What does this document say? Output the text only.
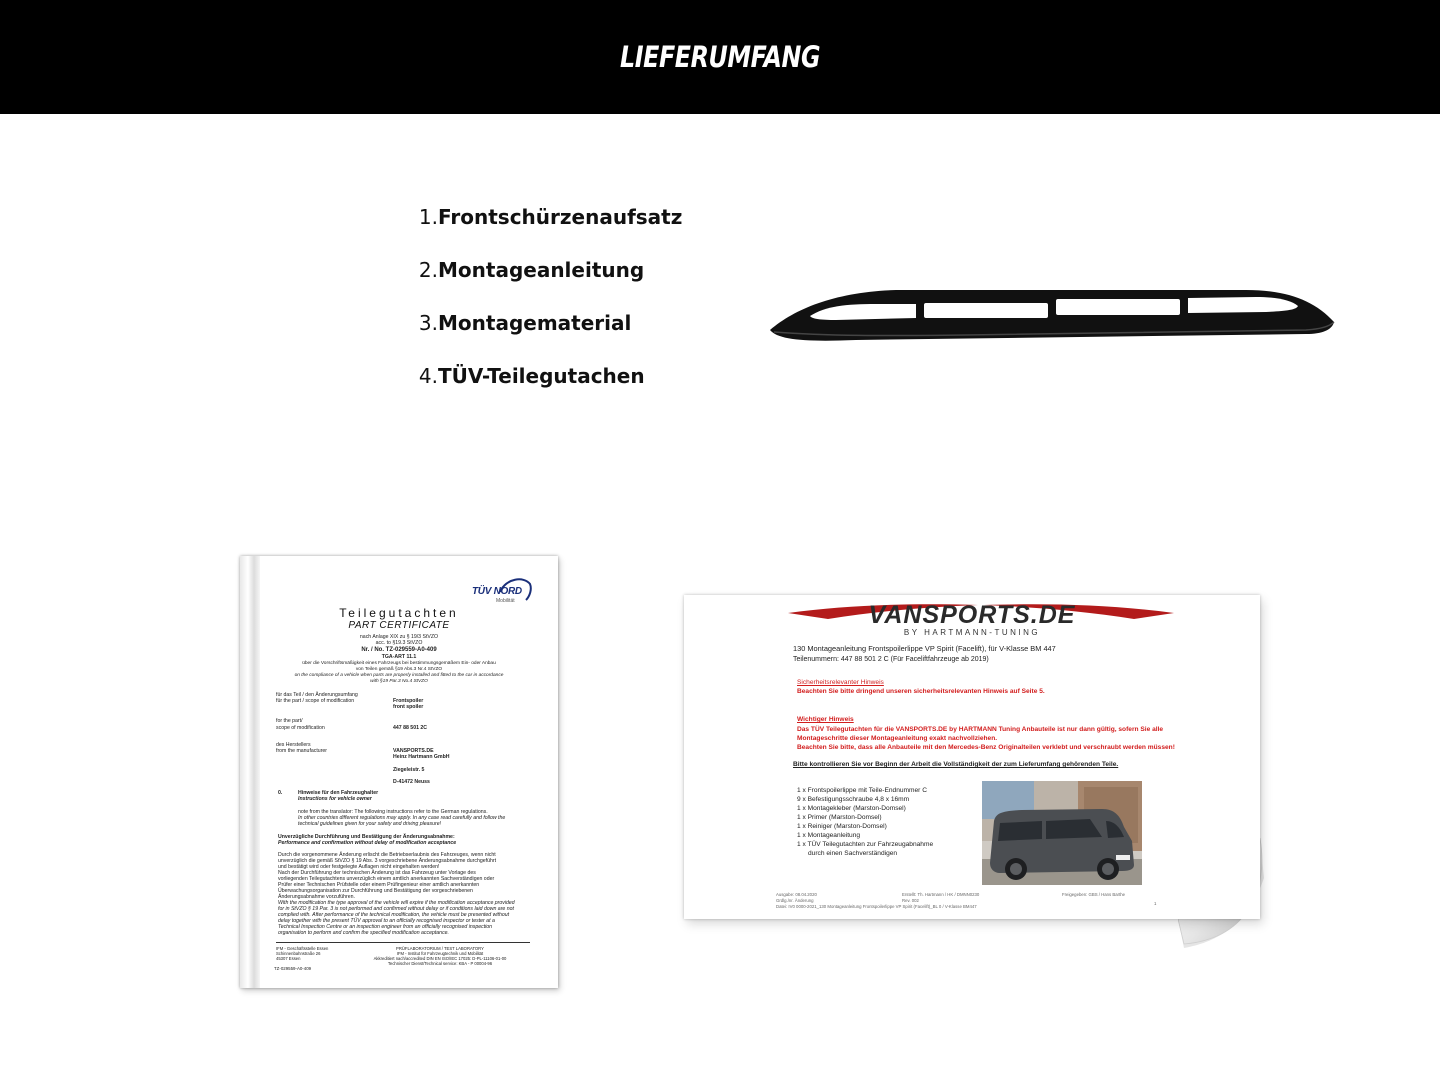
LIEFERUMFANG
1.Frontschürzenaufsatz
2.Montageanleitung
3.Montagematerial
4.TÜV-Teilegutachen
TÜV NORD
Mobilität
Teilegutachten
PART CERTIFICATE
nach Anlage XIX zu § 19/3 StVZO
acc. to §19.3 StVZO
Nr. / No. TZ-029559-A0-409
TGA-ART 11.1
über die Vorschriftsmäßigkeit eines Fahrzeugs bei bestimmungsgemäßem Ein- oder Anbau
von Teilen gemäß §19 Abs.3 Nr.4 StVZO
on the compliance of a vehicle when parts are properly installed and fitted to the car in accordance
with §19 Par.3 No.4 StVZO
für das Teil / den Änderungsumfang
für the part / scope of modification	Frontspoiler
front spoiler
for the part/
scope of modification	447 88 501 2C
des Herstellers
from the manufacturer	VANSPORTS.DE
Heinz Hartmann GmbH
Ziegeleistr. 5
D-41472 Neuss
0.	Hinweise für den Fahrzeughalter
Instructions for vehicle owner
note from the translator: The following instructions refer to the German regulations.
In other countries different regulations may apply. In any case read carefully and follow the
technical guidelines given for your safety and driving pleasure!
Unverzügliche Durchführung und Bestätigung der Änderungsabnahme:
Performance and confirmation without delay of modification acceptance
Durch die vorgenommene Änderung erlischt die Betriebserlaubnis des Fahrzeuges, wenn nicht
unverzüglich die gemäß StVZO § 19 Abs. 3 vorgeschriebene Änderungsabnahme durchgeführt
und bestätigt wird oder festgelegte Auflagen nicht eingehalten werden!
Nach der Durchführung der technischen Änderung ist das Fahrzeug unter Vorlage des
vorliegenden Teilegutachtens unverzüglich einem amtlich anerkannten Sachverständigen oder
Prüfer einer Technischen Prüfstelle oder einem Prüfingenieur einer amtlich anerkannten
Überwachungsorganisation zur Durchführung und Bestätigung der vorgeschriebenen
Änderungsabnahme vorzuführen.
With the modification the type approval of the vehicle will expire if the modification acceptance provided
for in StVZO § 19 Par. 3 is not performed and confirmed without delay or if conditions laid down are not
complied with. After performance of the technical modification, the vehicle must be presented without
delay together with the present TÜV approval to an officially recognised inspector or tester at a
Technical Inspection Centre or an inspection engineer from an officially recognised inspection
organisation to perform and confirm the specified modification acceptance.
IFM - Geschäftsstelle Essen
Schinnenbahnstraße 26
45307 Essen
PRÜFLABORATORIUM / TEST LABORATORY
IFM - Institut für Fahrzeugtechnik und Mobilität
Akkreditiert nach/accredited DIN EN ISO/IEC 17025: D-PL-11106-01-00
Technischer Dienst/Technical service: KBA - P 00004-96
TZ-029559-A0-409
VANSPORTS.DE
BY HARTMANN-TUNING
130 Montageanleitung Frontspoilerlippe VP Spirit (Facelift), für V-Klasse BM 447
Teilenummern: 447 88 501 2 C (Für Faceliftfahrzeuge ab 2019)
Sicherheitsrelevanter Hinweis
Beachten Sie bitte dringend unseren sicherheitsrelevanten Hinweis auf Seite 5.
Wichtiger Hinweis
Das TÜV Teilegutachten für die VANSPORTS.DE by HARTMANN Tuning Anbauteile ist nur dann gültig, sofern Sie alle
Montageschritte dieser Montageanleitung exakt nachvollziehen.
Beachten Sie bitte, dass alle Anbauteile mit den Mercedes-Benz Originalteilen verklebt und verschraubt werden müssen!
Bitte kontrollieren Sie vor Beginn der Arbeit die Vollständigkeit der zum Lieferumfang gehörenden Teile.
1 x Frontspoilerlippe mit Teile-Endnummer C
9 x Befestigungsschraube 4,8 x 16mm
1 x Montagekleber (Marston-Domsel)
1 x Primer (Marston-Domsel)
1 x Reiniger (Marston-Domsel)
1 x Montageanleitung
1 x TÜV Teilegutachten zur Fahrzeugabnahme
durch einen Sachverständigen
Ausgabe: 08.04.2020	Erstellt: Th. Hartmann / HK / DMNN0230	Freigegeben: GBS / Hans Barthe
Grdlg./nr. Änderung	Rev. 002
Datei: IV0 0000-2021_130 Montageanleitung Frontspoilerlippe VP Spirit (Facelift)_BL 0 / V-Klasse BM447
1
